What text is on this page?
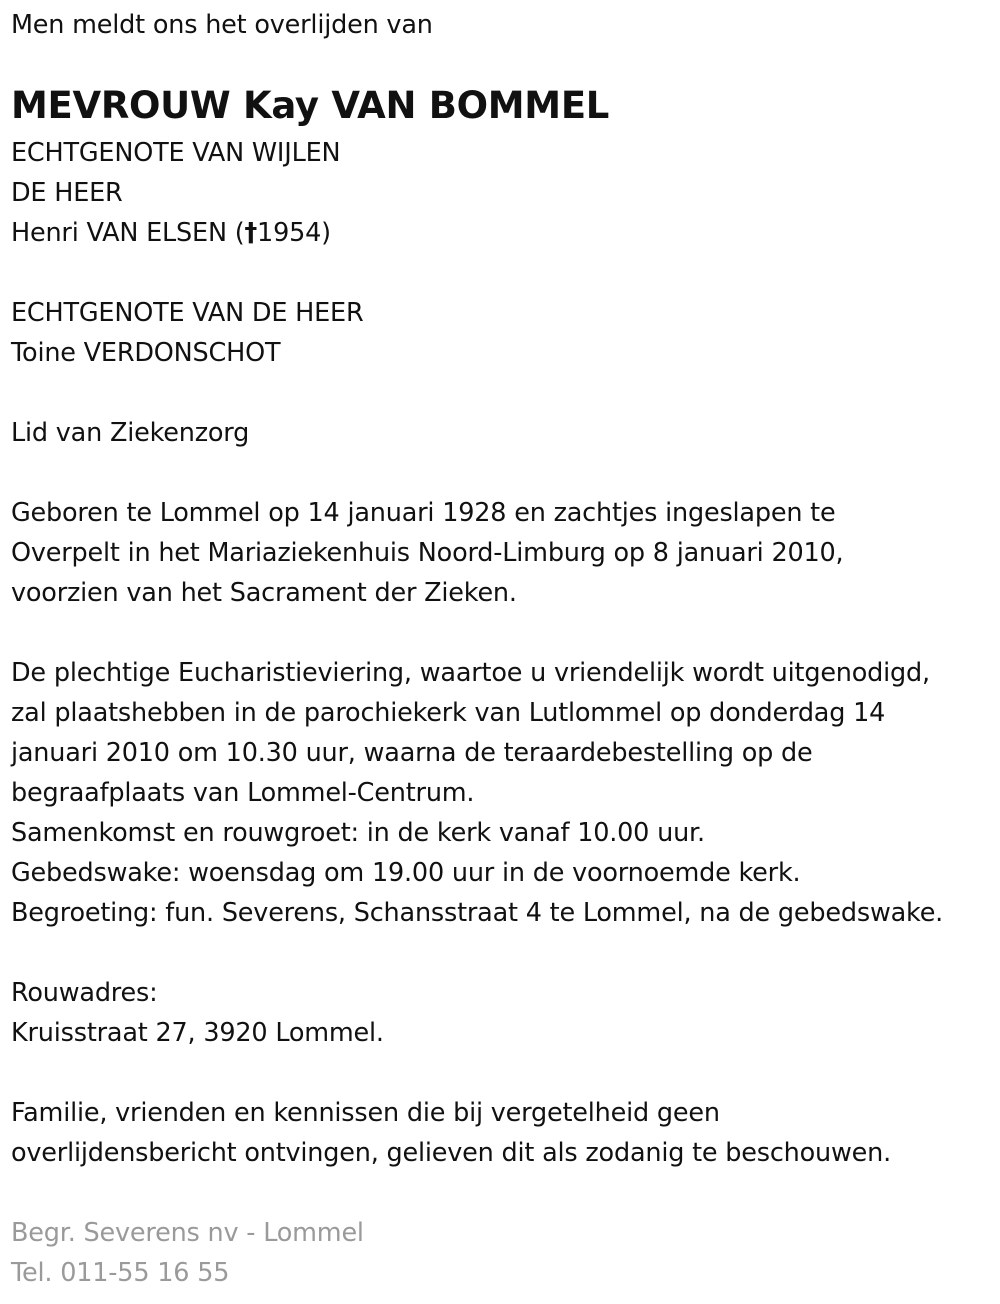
Men meldt ons het overlijden van
MEVROUW Kay VAN BOMMEL
ECHTGENOTE VAN WIJLEN
DE HEER
Henri VAN ELSEN (†1954)
ECHTGENOTE VAN DE HEER
Toine VERDONSCHOT
Lid van Ziekenzorg
Geboren te Lommel op 14 januari 1928 en zachtjes ingeslapen te
Overpelt in het Mariaziekenhuis Noord-Limburg op 8 januari 2010,
voorzien van het Sacrament der Zieken.
De plechtige Eucharistieviering, waartoe u vriendelijk wordt uitgenodigd,
zal plaatshebben in de parochiekerk van Lutlommel op donderdag 14
januari 2010 om 10.30 uur, waarna de teraardebestelling op de
begraafplaats van Lommel-Centrum.
Samenkomst en rouwgroet: in de kerk vanaf 10.00 uur.
Gebedswake: woensdag om 19.00 uur in de voornoemde kerk.
Begroeting: fun. Severens, Schansstraat 4 te Lommel, na de gebedswake.
Rouwadres:
Kruisstraat 27, 3920 Lommel.
Familie, vrienden en kennissen die bij vergetelheid geen
overlijdensbericht ontvingen, gelieven dit als zodanig te beschouwen.
Begr. Severens nv - Lommel
Tel. 011-55 16 55
